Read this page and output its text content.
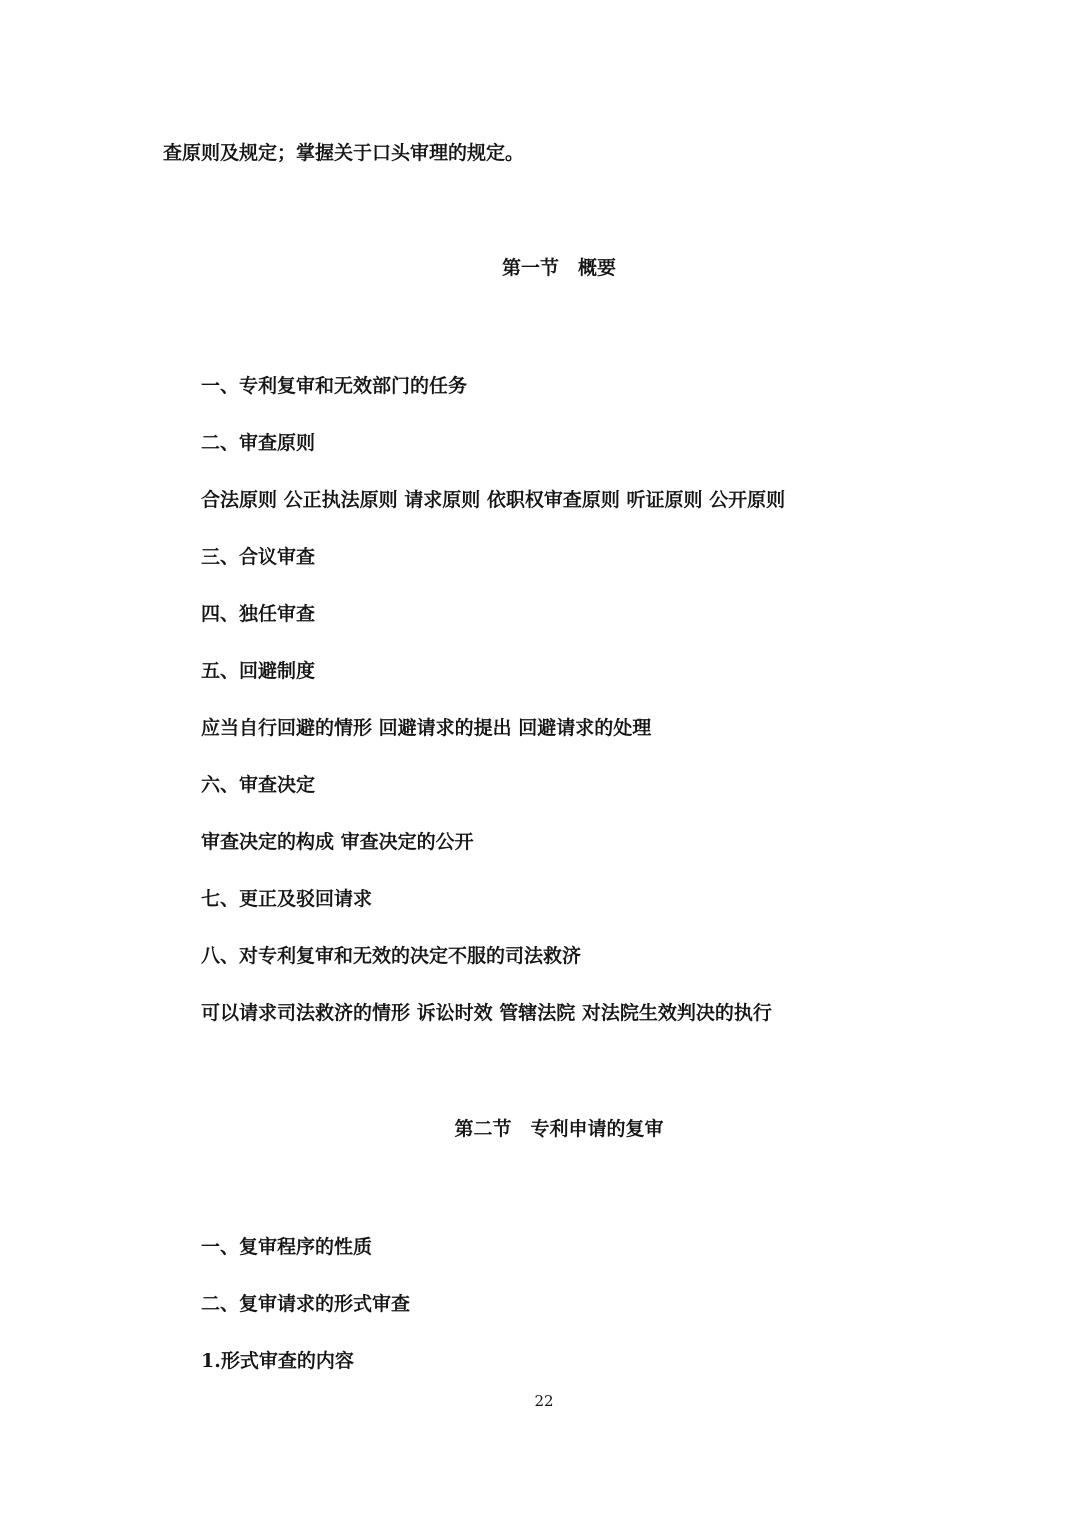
查原则及规定；掌握关于口头审理的规定。
第一节　概要
一、专利复审和无效部门的任务
二、审查原则
合法原则 公正执法原则 请求原则 依职权审查原则 听证原则 公开原则
三、合议审查
四、独任审查
五、回避制度
应当自行回避的情形 回避请求的提出 回避请求的处理
六、审查决定
审查决定的构成 审查决定的公开
七、更正及驳回请求
八、对专利复审和无效的决定不服的司法救济
可以请求司法救济的情形 诉讼时效 管辖法院 对法院生效判决的执行
第二节　专利申请的复审
一、复审程序的性质
二、复审请求的形式审查
1.形式审查的内容
22
